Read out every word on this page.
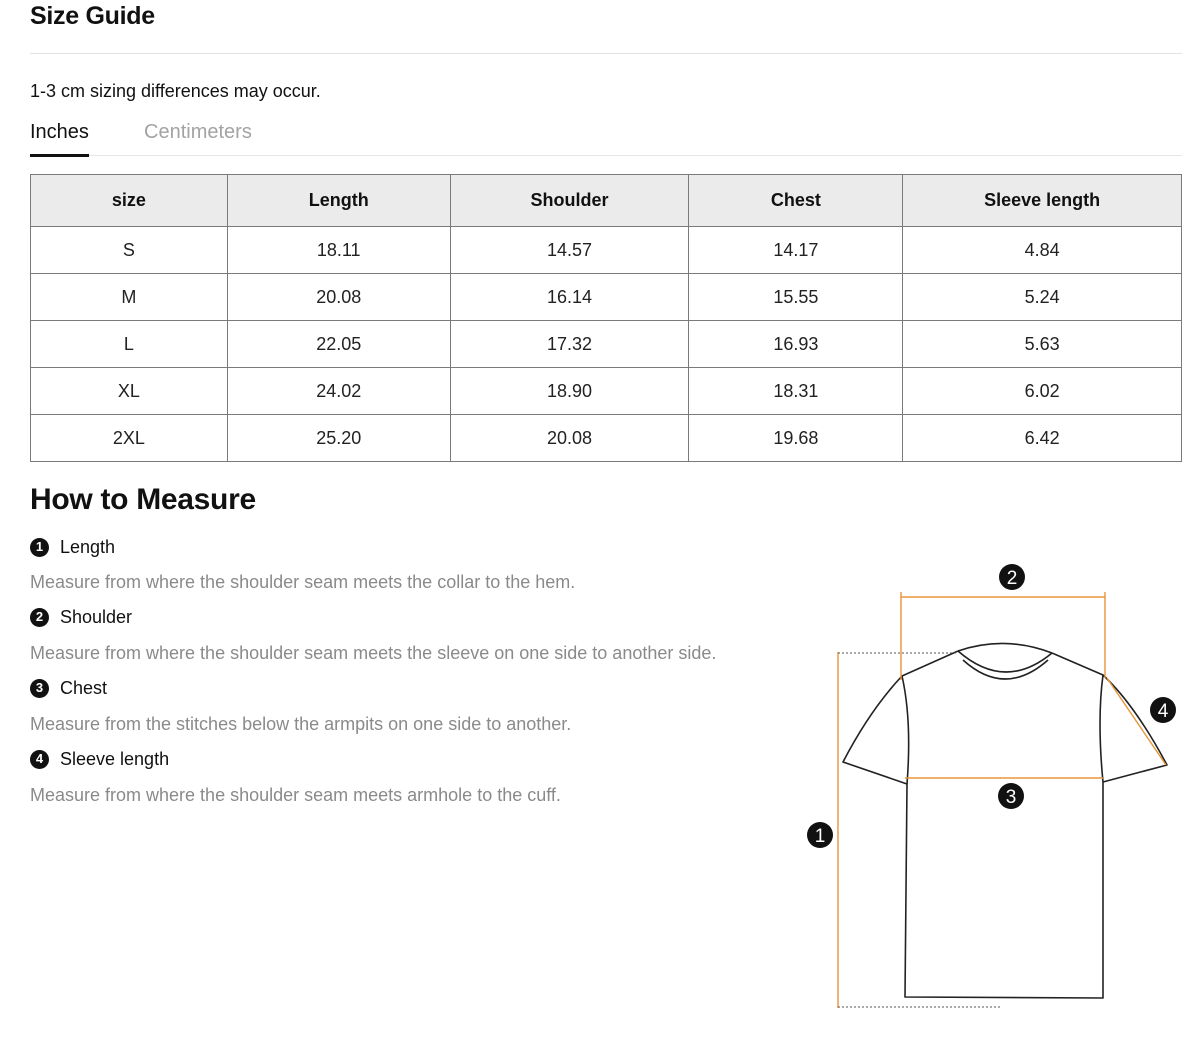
Size Guide
1-3 cm sizing differences may occur.
Inches	Centimeters
size	Length	Shoulder	Chest	Sleeve length
S	18.11	14.57	14.17	4.84
M	20.08	16.14	15.55	5.24
L	22.05	17.32	16.93	5.63
XL	24.02	18.90	18.31	6.02
2XL	25.20	20.08	19.68	6.42
How to Measure
1 Length
Measure from where the shoulder seam meets the collar to the hem.
2 Shoulder
Measure from where the shoulder seam meets the sleeve on one side to another side.
3 Chest
Measure from the stitches below the armpits on one side to another.
4 Sleeve length
Measure from where the shoulder seam meets armhole to the cuff.
1
2
3
4
